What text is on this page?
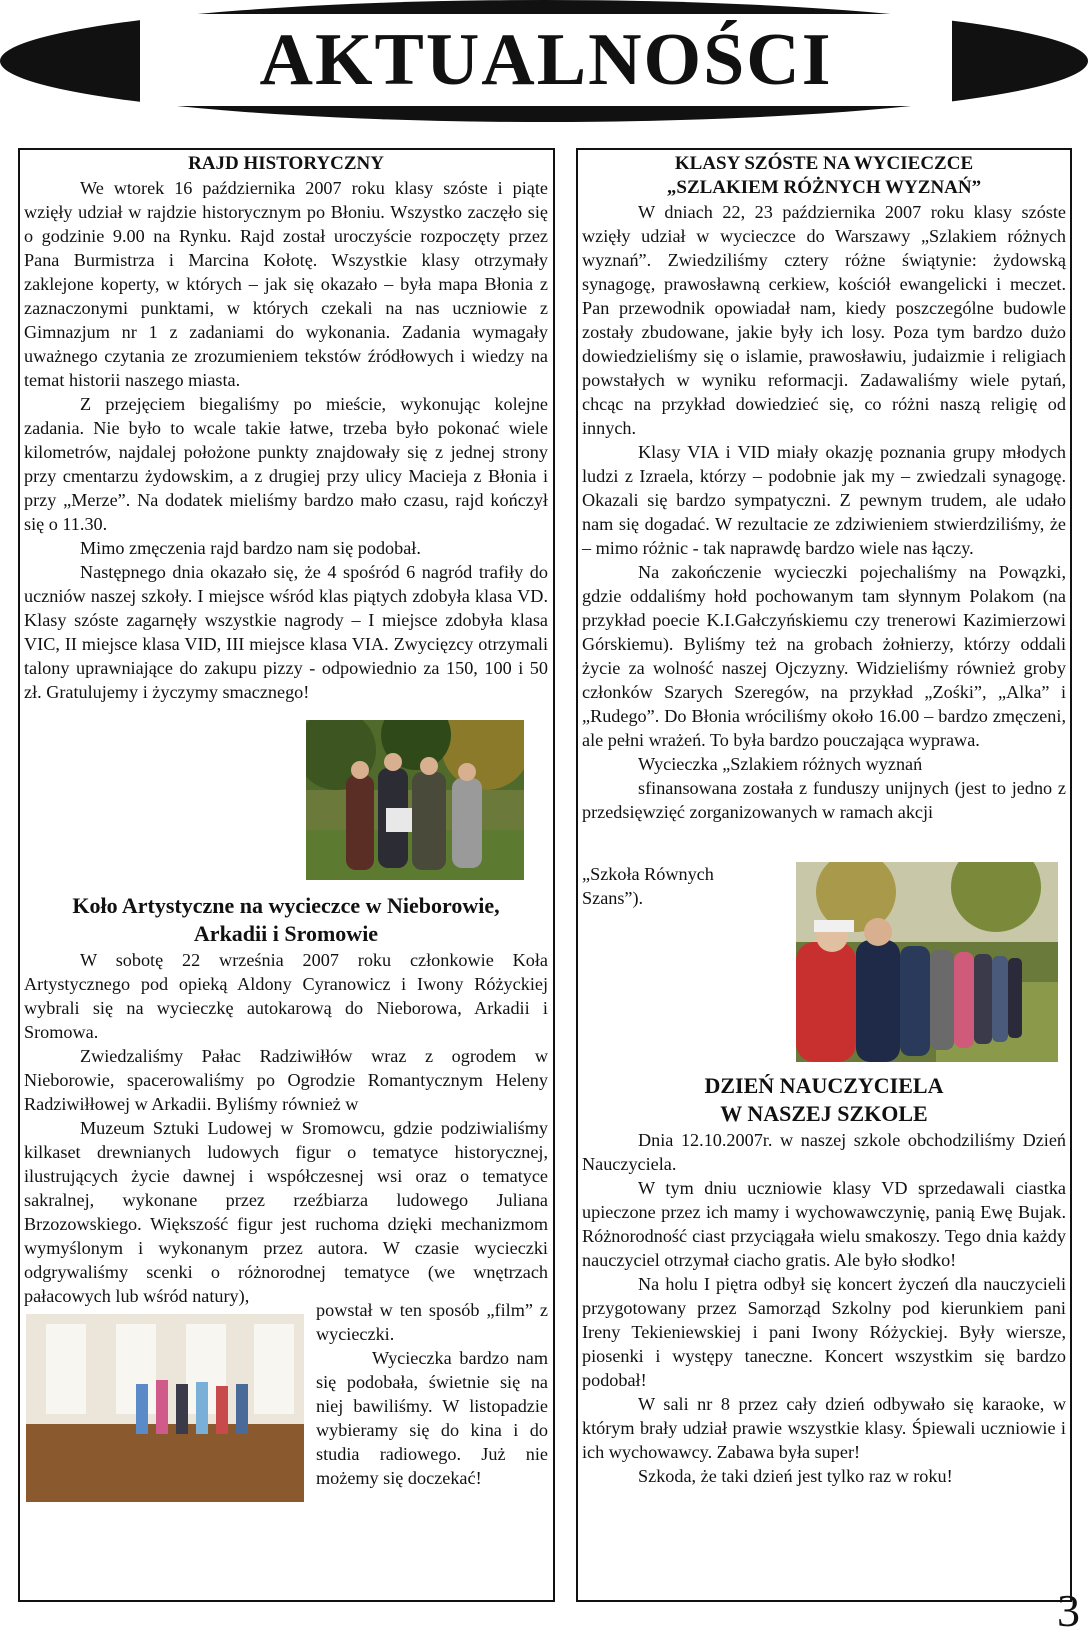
AKTUALNOŚCI
RAJD HISTORYCZNY

We wtorek 16 października 2007 roku klasy szóste i piąte wzięły udział w rajdzie historycznym po Błoniu. Wszystko zaczęło się o godzinie 9.00 na Rynku. Rajd został uroczyście rozpoczęty przez Pana Burmistrza i Marcina Kołotę. Wszystkie klasy otrzymały zaklejone koperty, w których – jak się okazało – była mapa Błonia z zaznaczonymi punktami, w których czekali na nas uczniowie z Gimnazjum nr 1 z zadaniami do wykonania. Zadania wymagały uważnego czytania ze zrozumieniem tekstów źródłowych i wiedzy na temat historii naszego miasta.

Z przejęciem biegaliśmy po mieście, wykonując kolejne zadania. Nie było to wcale takie łatwe, trzeba było pokonać wiele kilometrów, najdalej położone punkty znajdowały się z jednej strony przy cmentarzu żydowskim, a z drugiej przy ulicy Macieja z Błonia i przy „Merze”. Na dodatek mieliśmy bardzo mało czasu, rajd kończył się o 11.30.

Mimo zmęczenia rajd bardzo nam się podobał.

Następnego dnia okazało się, że 4 spośród 6 nagród trafiły do uczniów naszej szkoły. I miejsce wśród klas piątych zdobyła klasa VD. Klasy szóste zagarnęły wszystkie nagrody – I miejsce zdobyła klasa VIC, II miejsce klasa VID, III miejsce klasa VIA. Zwycięzcy otrzymali talony uprawniające do zakupu pizzy - odpowiednio za 150, 100 i 50 zł. Gratulujemy i życzymy smacznego!

Koło Artystyczne na wycieczce w Nieborowie,
Arkadii i Sromowie

W sobotę 22 września 2007 roku członkowie Koła Artystycznego pod opieką Aldony Cyranowicz i Iwony Różyckiej wybrali się na wycieczkę autokarową do Nieborowa, Arkadii i Sromowa.

Zwiedzaliśmy Pałac Radziwiłłów wraz z ogrodem w Nieborowie, spacerowaliśmy po Ogrodzie Romantycznym Heleny Radziwiłłowej w Arkadii. Byliśmy również w

Muzeum Sztuki Ludowej w Sromowcu, gdzie podziwialiśmy kilkaset drewnianych ludowych figur o tematyce historycznej, ilustrujących życie dawnej i współczesnej wsi oraz o tematyce sakralnej, wykonane przez rzeźbiarza ludowego Juliana Brzozowskiego. Większość figur jest ruchoma dzięki mechanizmom wymyślonym i wykonanym przez autora. W czasie wycieczki odgrywaliśmy scenki o różnorodnej tematyce (we wnętrzach pałacowych lub wśród natury),

powstał w ten sposób „film” z wycieczki.

Wycieczka bardzo nam się podobała, świetnie się na niej bawiliśmy. W listopadzie wybieramy się do kina i do studia radiowego. Już nie możemy się doczekać!

KLASY SZÓSTE NA WYCIECZCE
„SZLAKIEM RÓŻNYCH WYZNAŃ”

W dniach 22, 23 października 2007 roku klasy szóste wzięły udział w wycieczce do Warszawy „Szlakiem różnych wyznań”. Zwiedziliśmy cztery różne świątynie: żydowską synagogę, prawosławną cerkiew, kościół ewangelicki i meczet. Pan przewodnik opowiadał nam, kiedy poszczególne budowle zostały zbudowane, jakie były ich losy. Poza tym bardzo dużo dowiedzieliśmy się o islamie, prawosławiu, judaizmie i religiach powstałych w wyniku reformacji. Zadawaliśmy wiele pytań, chcąc na przykład dowiedzieć się, co różni naszą religię od innych.

Klasy VIA i VID miały okazję poznania grupy młodych ludzi z Izraela, którzy – podobnie jak my – zwiedzali synagogę. Okazali się bardzo sympatyczni. Z pewnym trudem, ale udało nam się dogadać. W rezultacie ze zdziwieniem stwierdziliśmy, że – mimo różnic - tak naprawdę bardzo wiele nas łączy.

Na zakończenie wycieczki pojechaliśmy na Powązki, gdzie oddaliśmy hołd pochowanym tam słynnym Polakom (na przykład poecie K.I.Gałczyńskiemu czy trenerowi Kazimierzowi Górskiemu). Byliśmy też na grobach żołnierzy, którzy oddali życie za wolność naszej Ojczyzny. Widzieliśmy również groby członków Szarych Szeregów, na przykład „Zośki”, „Alka” i „Rudego”. Do Błonia wróciliśmy około 16.00 – bardzo zmęczeni, ale pełni wrażeń. To była bardzo pouczająca wyprawa.

Wycieczka „Szlakiem różnych wyznań

sfinansowana została z funduszy unijnych (jest to jedno z przedsięwzięć zorganizowanych w ramach akcji

„Szkoła Równych

Szans”).

DZIEŃ NAUCZYCIELA
W NASZEJ SZKOLE

Dnia 12.10.2007r. w naszej szkole obchodziliśmy Dzień Nauczyciela.

W tym dniu uczniowie klasy VD sprzedawali ciastka upieczone przez ich mamy i wychowawczynię, panią Ewę Bujak. Różnorodność ciast przyciągała wielu smakoszy. Tego dnia każdy nauczyciel otrzymał ciacho gratis. Ale było słodko!

Na holu I piętra odbył się koncert życzeń dla nauczycieli przygotowany przez Samorząd Szkolny pod kierunkiem pani Ireny Tekieniewskiej i pani Iwony Różyckiej. Były wiersze, piosenki i występy taneczne. Koncert wszystkim się bardzo podobał!

W sali nr 8 przez cały dzień odbywało się karaoke, w którym brały udział prawie wszystkie klasy. Śpiewali uczniowie i ich wychowawcy. Zabawa była super!

Szkoda, że taki dzień jest tylko raz w roku!

3
